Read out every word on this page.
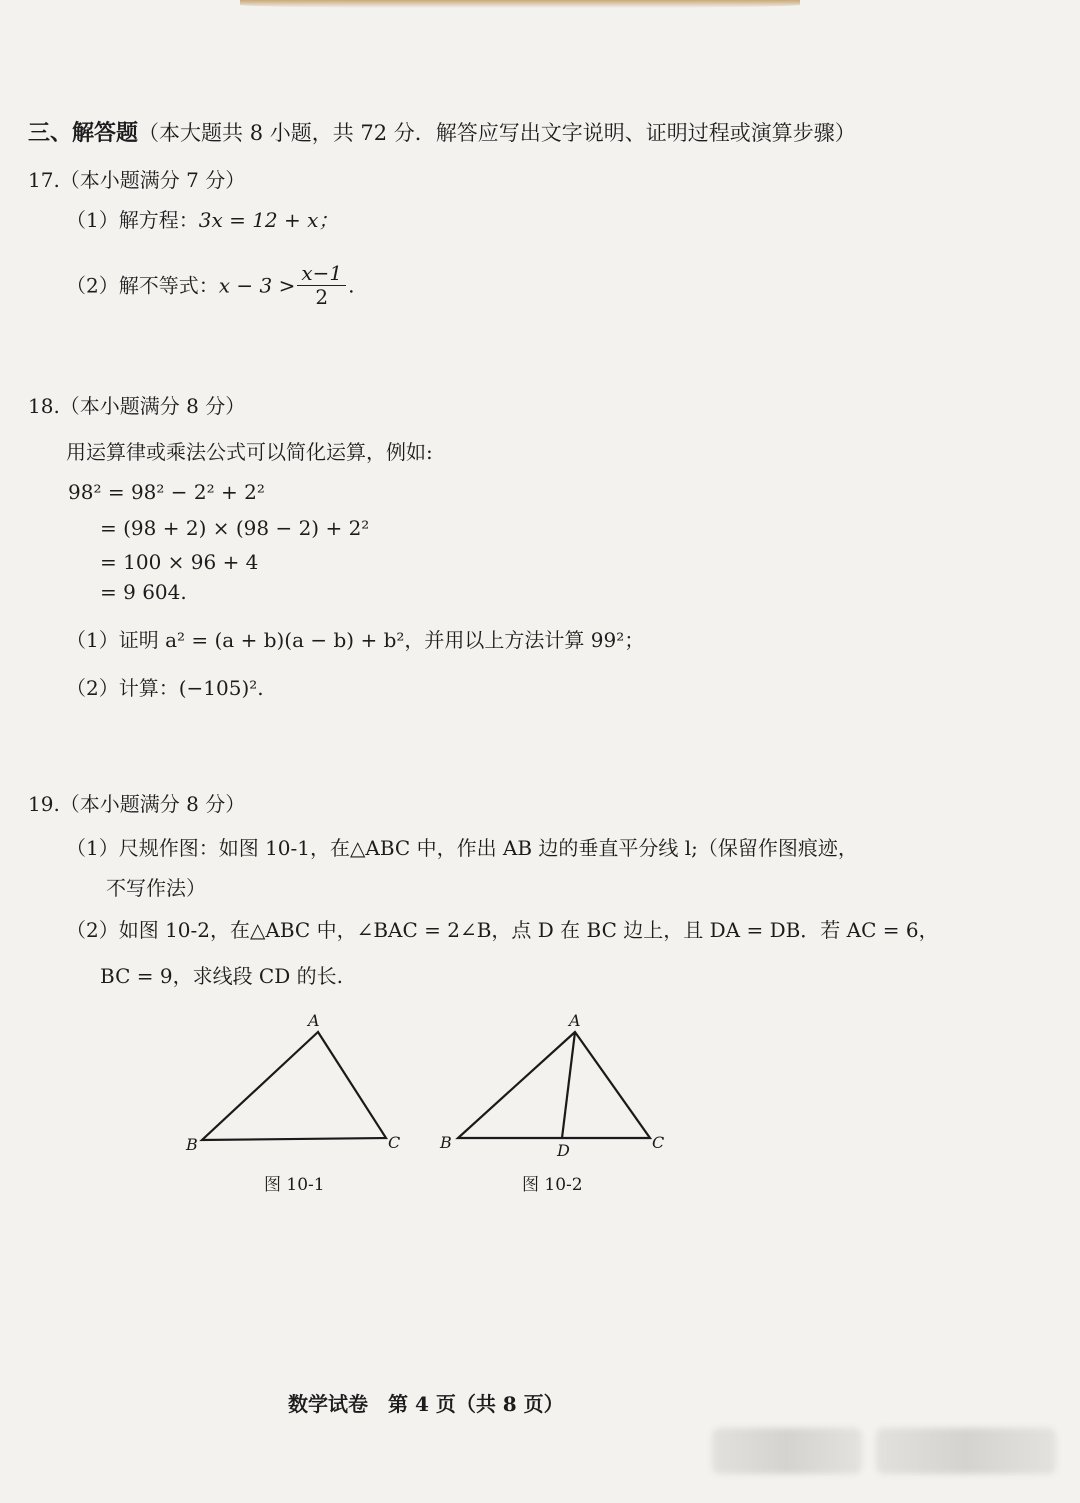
三、解答题（本大题共 8 小题，共 72 分．解答应写出文字说明、证明过程或演算步骤）
17.（本小题满分 7 分）
（1）解方程：3x = 12 + x；
（2）解不等式：$x - 3 > \frac{x-1}{2}$ .
18.（本小题满分 8 分）
用运算律或乘法公式可以简化运算，例如:
98² = 98² − 2² + 2²
= (98 + 2) × (98 − 2) + 2²
= 100 × 96 + 4
= 9 604.
（1）证明 a² = (a + b)(a − b) + b²，并用以上方法计算 99²；
（2）计算：(−105)².
19.（本小题满分 8 分）
（1）尺规作图：如图 10-1，在△ABC 中，作出 AB 边的垂直平分线 l;（保留作图痕迹，
不写作法）
（2）如图 10-2，在△ABC 中，∠BAC = 2∠B，点 D 在 BC 边上，且 DA = DB．若 AC = 6，
BC = 9，求线段 CD 的长.
A
B	C
A
B	C
D
图 10-1	图 10-2
数学试卷　第 4 页（共 8 页）
